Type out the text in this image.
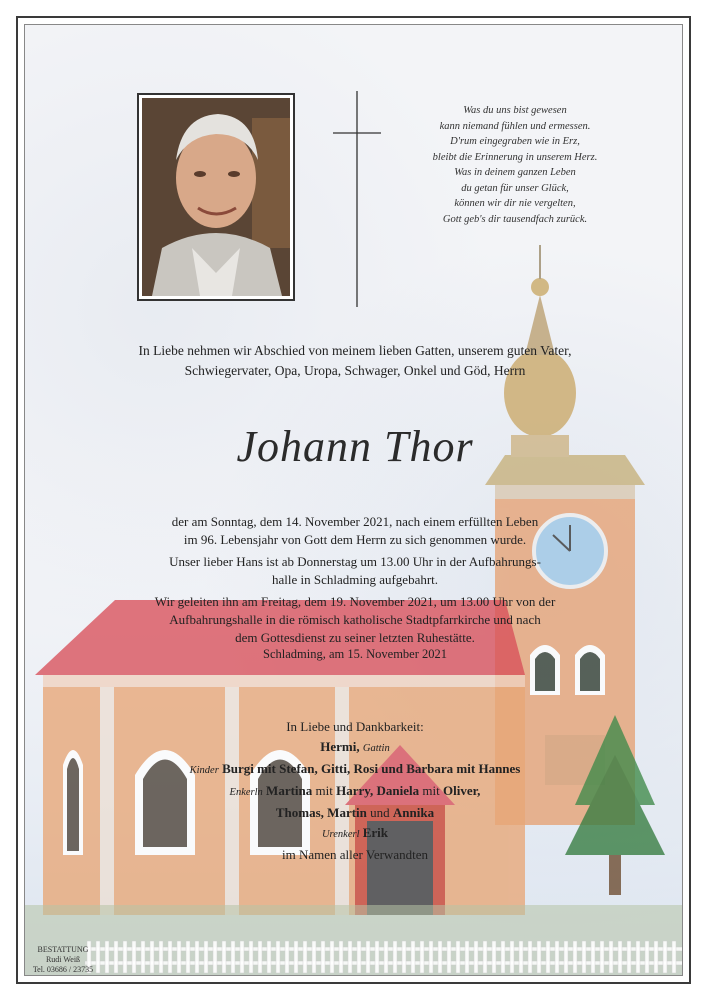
Was du uns bist gewesen
kann niemand fühlen und ermessen.
D'rum eingegraben wie in Erz,
bleibt die Erinnerung in unserem Herz.
Was in deinem ganzen Leben
du getan für unser Glück,
können wir dir nie vergelten,
Gott geb's dir tausendfach zurück.
In Liebe nehmen wir Abschied von meinem lieben Gatten, unserem guten Vater,
Schwiegervater, Opa, Uropa, Schwager, Onkel und Göd, Herrn
Johann Thor
der am Sonntag, dem 14. November 2021, nach einem erfüllten Leben
im 96. Lebensjahr von Gott dem Herrn zu sich genommen wurde.
Unser lieber Hans ist ab Donnerstag um 13.00 Uhr in der Aufbahrungs-
halle in Schladming aufgebahrt.
Wir geleiten ihn am Freitag, dem 19. November 2021, um 13.00 Uhr von der
Aufbahrungshalle in die römisch katholische Stadtpfarrkirche und nach
dem Gottesdienst zu seiner letzten Ruhestätte.
Schladming, am 15. November 2021
In Liebe und Dankbarkeit:
Hermi, Gattin
Kinder Burgi mit Stefan, Gitti, Rosi und Barbara mit Hannes
Enkerln Martina mit Harry, Daniela mit Oliver,
Thomas, Martin und Annika
Urenkerl Erik
im Namen aller Verwandten
BESTATTUNG
Rudi Weiß
Tel. 03686 / 23735
